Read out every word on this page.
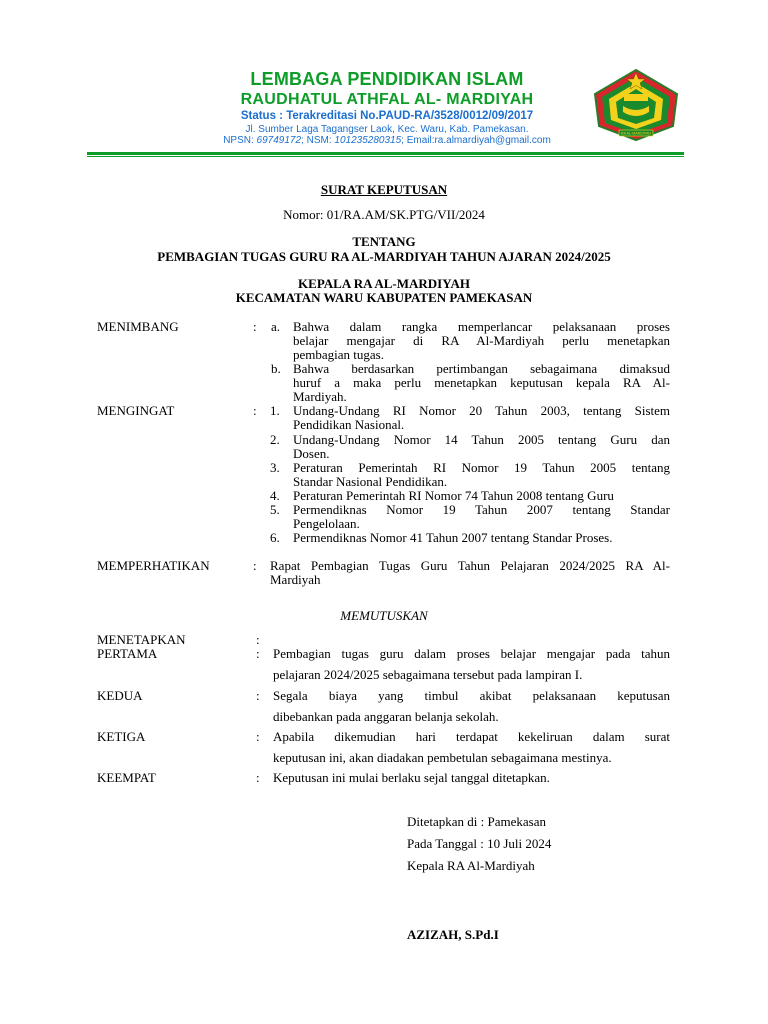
LEMBAGA PENDIDIKAN ISLAM
RAUDHATUL ATHFAL AL- MARDIYAH
Status : Terakreditasi No.PAUD-RA/3528/0012/09/2017
Jl. Sumber Laga Tagangser Laok, Kec. Waru, Kab. Pamekasan.
NPSN: 69749172; NSM: 101235280315; Email:ra.almardiyah@gmail.com
RA AL-MARDIYAH
SURAT KEPUTUSAN
Nomor: 01/RA.AM/SK.PTG/VII/2024
TENTANG
PEMBAGIAN TUGAS GURU RA AL-MARDIYAH TAHUN AJARAN 2024/2025
KEPALA RA AL-MARDIYAH
KECAMATAN WARU KABUPATEN PAMEKASAN
MENIMBANG	: a. Bahwa dalam rangka memperlancar pelaksanaan proses
belajar mengajar di RA Al-Mardiyah perlu menetapkan
pembagian tugas.
b. Bahwa berdasarkan pertimbangan sebagaimana dimaksud
huruf a maka perlu menetapkan keputusan kepala RA Al-
Mardiyah.
MENGINGAT	: 1. Undang-Undang RI Nomor 20 Tahun 2003, tentang Sistem
Pendidikan Nasional.
2. Undang-Undang Nomor 14 Tahun 2005 tentang Guru dan
Dosen.
3. Peraturan Pemerintah RI Nomor 19 Tahun 2005 tentang
Standar Nasional Pendidikan.
4. Peraturan Pemerintah RI Nomor 74 Tahun 2008 tentang Guru
5. Permendiknas Nomor 19 Tahun 2007 tentang Standar
Pengelolaan.
6. Permendiknas Nomor 41 Tahun 2007 tentang Standar Proses.
MEMPERHATIKAN	: Rapat Pembagian Tugas Guru Tahun Pelajaran 2024/2025 RA Al-
Mardiyah
MEMUTUSKAN
MENETAPKAN	:
PERTAMA	: Pembagian tugas guru dalam proses belajar mengajar pada tahun
pelajaran 2024/2025 sebagaimana tersebut pada lampiran I.
KEDUA	: Segala biaya yang timbul akibat pelaksanaan keputusan
dibebankan pada anggaran belanja sekolah.
KETIGA	: Apabila dikemudian hari terdapat kekeliruan dalam surat
keputusan ini, akan diadakan pembetulan sebagaimana mestinya.
KEEMPAT	: Keputusan ini mulai berlaku sejal tanggal ditetapkan.
Ditetapkan di : Pamekasan
Pada Tanggal : 10 Juli 2024
Kepala RA Al-Mardiyah
AZIZAH, S.Pd.I
